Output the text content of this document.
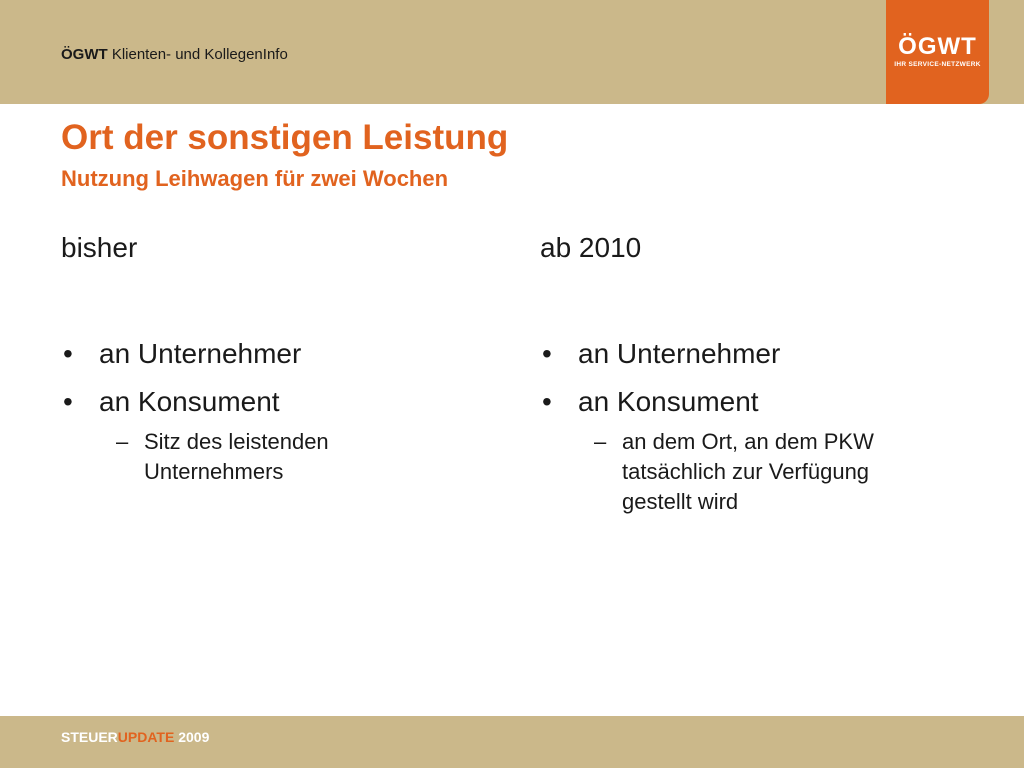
ÖGWT Klienten- und KollegenInfo	ÖGWT
IHR SERVICE-NETZWERK
Ort der sonstigen Leistung
Nutzung Leihwagen für zwei Wochen
bisher
• an Unternehmer
• an Konsument
– Sitz des leistenden
Unternehmers
ab 2010
• an Unternehmer
• an Konsument
– an dem Ort, an dem PKW
tatsächlich zur Verfügung
gestellt wird
STEUERUPDATE 2009
